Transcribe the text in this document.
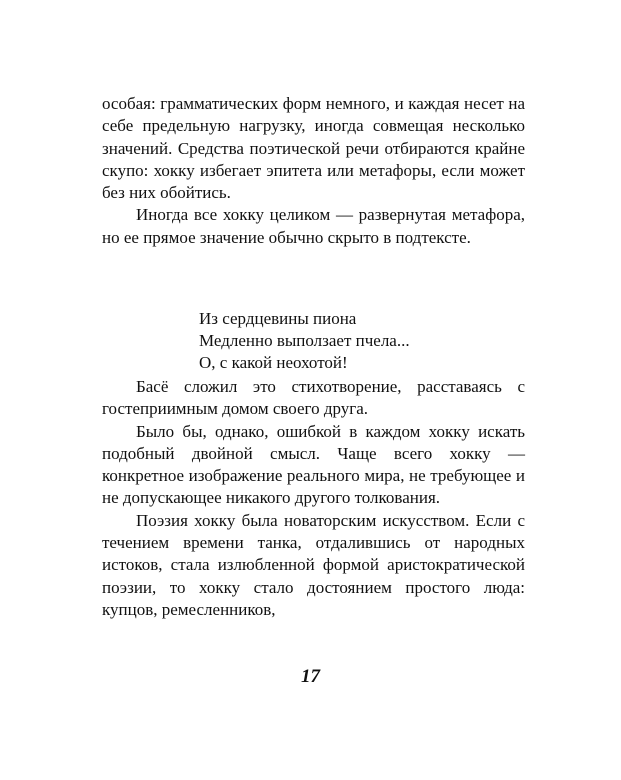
особая: грамматических форм немного, и каждая несет на себе предельную нагрузку, иногда совмещая несколько значений. Средства поэтической речи отбираются крайне скупо: хокку избегает эпитета или метафоры, если может без них обойтись.

Иногда все хокку целиком — развернутая метафора, но ее прямое значение обычно скрыто в подтексте.

Из сердцевины пиона
Медленно выползает пчела...
О, с какой неохотой!

Басё сложил это стихотворение, расставаясь с гостеприимным домом своего друга.

Было бы, однако, ошибкой в каждом хокку искать подобный двойной смысл. Чаще всего хокку — конкретное изображение реального мира, не требующее и не допускающее никакого другого толкования.

Поэзия хокку была новаторским искусством. Если с течением времени танка, отдалившись от народных истоков, стала излюбленной формой аристократической поэзии, то хокку стало достоянием простого люда: купцов, ремесленников,

17
